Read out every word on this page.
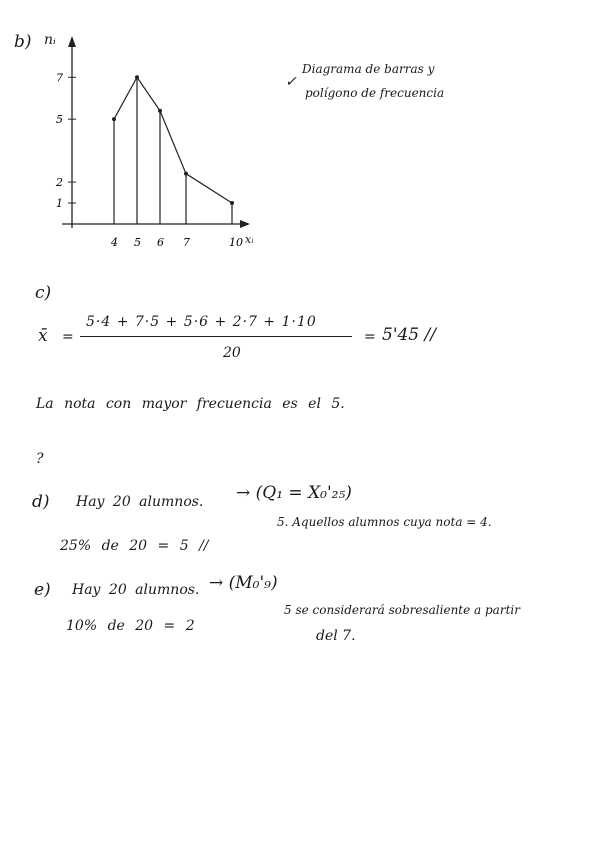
b)
4 5 6 7	10
1
2
5
7
nᵢ
xᵢ
✓
Diagrama de barras y
polígono de frecuencia
c)
x̄ =
5·4 + 7·5 + 5·6 + 2·7 + 1·10
20
= 5'45 //
La nota con mayor frecuencia es el 5.
?
d) Hay 20 alumnos. → (Q₁ = X₀'₂₅)
5. Aquellos alumnos cuya nota = 4.
25% de 20 = 5 //
e) Hay 20 alumnos. → (M₀'₉)
5 se considerará sobresaliente a partir
del 7.
10% de 20 = 2
